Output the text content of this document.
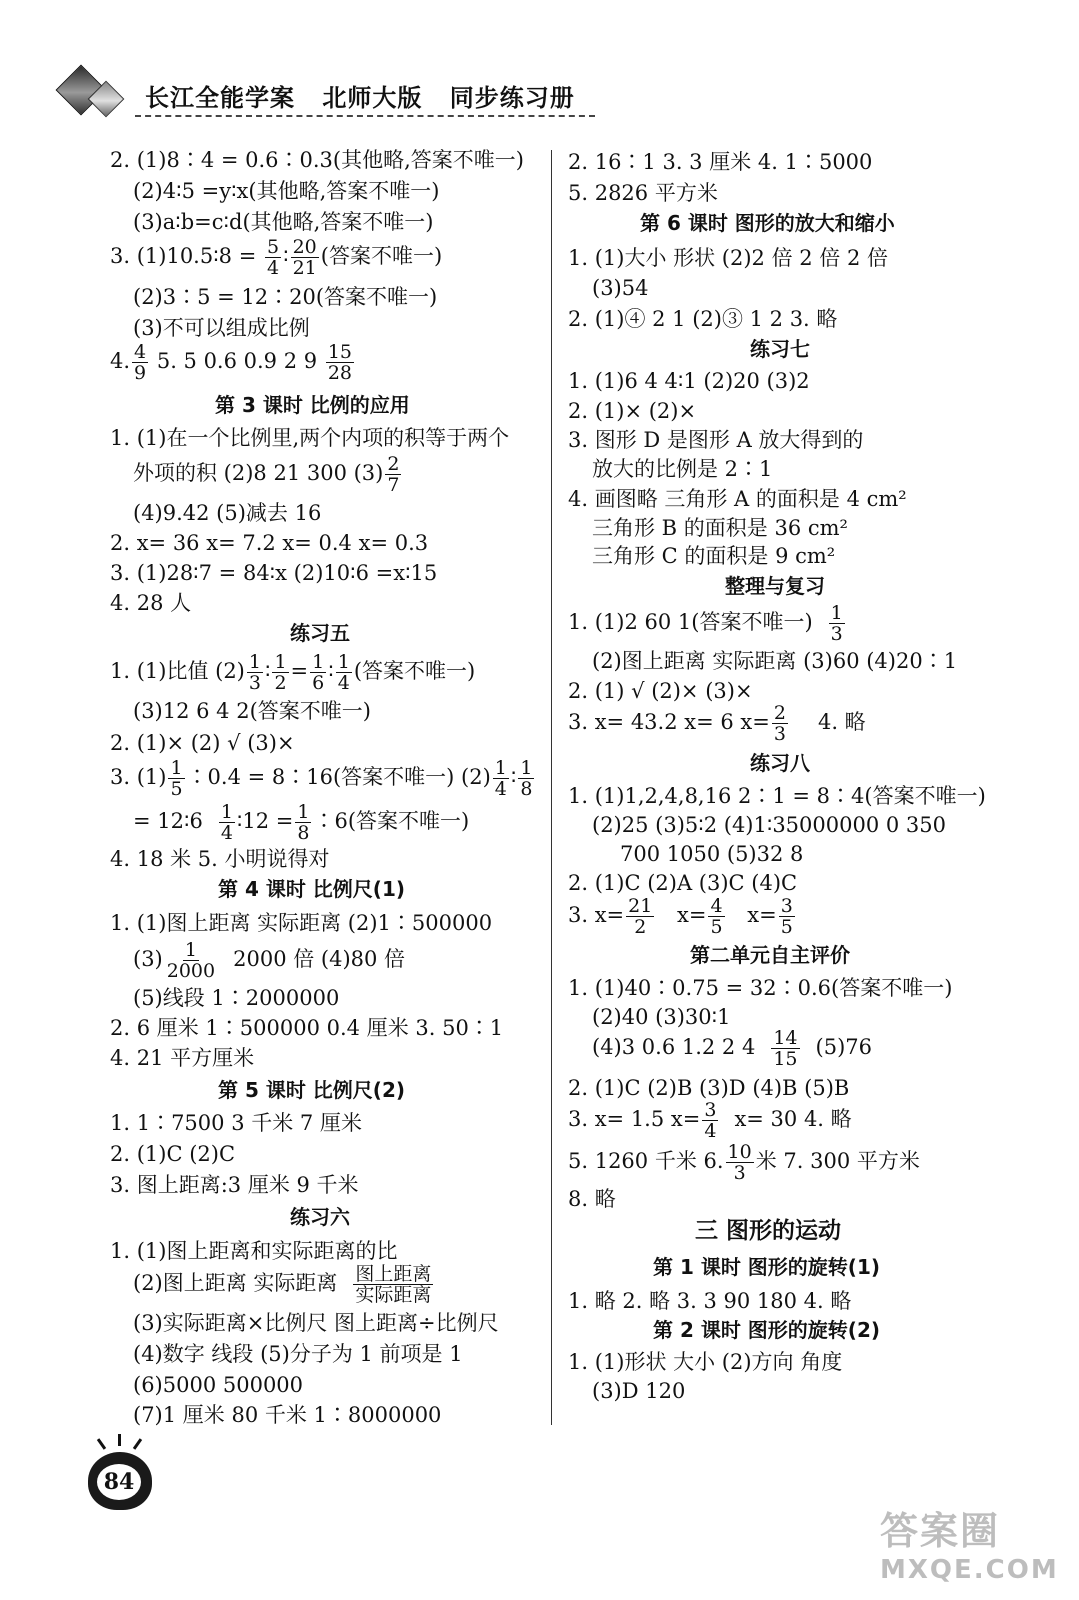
长江全能学案 北师大版 同步练习册
2. (1)8∶4 = 0.6∶0.3(其他略,答案不唯一)
(2)4∶5 =y∶x(其他略,答案不唯一)
(3)a∶b=c∶d(其他略,答案不唯一)
3. (1)10.5∶8 = $\frac{5}{4}$ ∶ $\frac{20}{21}$ (答案不唯一)
(2)3∶5 = 12∶20(答案不唯一)
(3)不可以组成比例
4. $\frac{4}{9} 5$. 5 0.6 0.9 2 $9 \frac{15}{28}$
第 3 课时 比例的应用
1. (1)在一个比例里,两个内项的积等于两个
外项的积 (2)8 21 300 $(3) \frac{2}{7}$
(4)9.42 (5)减去 16
2. x= 36 x= 7.2 x= 0.4 x= 0.3
3. (1)28∶7 = 84∶x (2)10∶6 =x∶15
4. 28 人
练习五
1. (1)比值 $(2) \frac{1}{3}$ ∶ $\frac{1}{2} = \frac{1}{6}$ ∶ $\frac{1}{4}$ (答案不唯一)
(3)12 6 4 2(答案不唯一)
2. (1)× (2) √ (3)×
3. $(1) \frac{1}{5}$ ∶0.4 = 8∶16(答案不唯一) $(2) \frac{1}{4}$ ∶ $\frac{1}{8}$
= 12∶6 $\frac{1}{4}$ ∶12 = $\frac{1}{8}$ ∶6(答案不唯一)
4. 18 米 5. 小明说得对
第 4 课时 比例尺(1)
1. (1)图上距离 实际距离 (2)1∶500000
$(3) \frac{1}{2000} 2000$ 倍 (4)80 倍
(5)线段 1∶2000000
2. 6 厘米 1∶500000 0.4 厘米 3. 50∶1
4. 21 平方厘米
第 5 课时 比例尺(2)
1. 1∶7500 3 千米 7 厘米
2. (1)C (2)C
3. 图上距离:3 厘米 9 千米
练习六
1. (1)图上距离和实际距离的比
(2)图上距离 实际距离 $\frac{\text{图上距离}}{\text{实际距离}}$
(3)实际距离×比例尺 图上距离÷比例尺
(4)数字 线段 (5)分子为 1 前项是 1
(6)5000 500000
(7)1 厘米 80 千米 1∶8000000
2. 16∶1 3. 3 厘米 4. 1∶5000
5. 2826 平方米
第 6 课时 图形的放大和缩小
1. (1)大小 形状 (2)2 倍 2 倍 2 倍
(3)54
2. (1)④ 2 1 (2)③ 1 2 3. 略
练习七
1. (1)6 4 4∶1 (2)20 (3)2
2. (1)× (2)×
3. 图形 D 是图形 A 放大得到的
放大的比例是 2∶1
4. 画图略 三角形 A 的面积是 4 cm²
三角形 B 的面积是 36 cm²
三角形 C 的面积是 9 cm²
整理与复习
1. (1)2 60 1(答案不唯一) $\frac{1}{3}$
(2)图上距离 实际距离 (3)60 (4)20∶1
2. (1) √ (2)× (3)×
3. x= 43.2 x= 6 $x= \frac{2}{3} 4$. 略
练习八
1. (1)1,2,4,8,16 2∶1 = 8∶4(答案不唯一)
(2)25 (3)5∶2 (4)1∶35000000 0 350
700 1050 (5)32 8
2. (1)C (2)A (3)C (4)C
3. $x= \frac{21}{2} x= \frac{4}{5} x= \frac{3}{5}$
第二单元自主评价
1. (1)40∶0.75 = 32∶0.6(答案不唯一)
(2)40 (3)30∶1
(4)3 0.6 1.2 2 $4 \frac{14}{15} (5)76$
2. (1)C (2)B (3)D (4)B (5)B
3. x= 1.5 $x= \frac{3}{4} x= 30$ 4. 略
5. 1260 千米 6. $\frac{10}{3}$ 米 7. 300 平方米
8. 略
三 图形的运动
第 1 课时 图形的旋转(1)
1. 略 2. 略 3. 3 90 180 4. 略
第 2 课时 图形的旋转(2)
1. (1)形状 大小 (2)方向 角度
(3)D 120
84
答案圈
MXQE.COM
